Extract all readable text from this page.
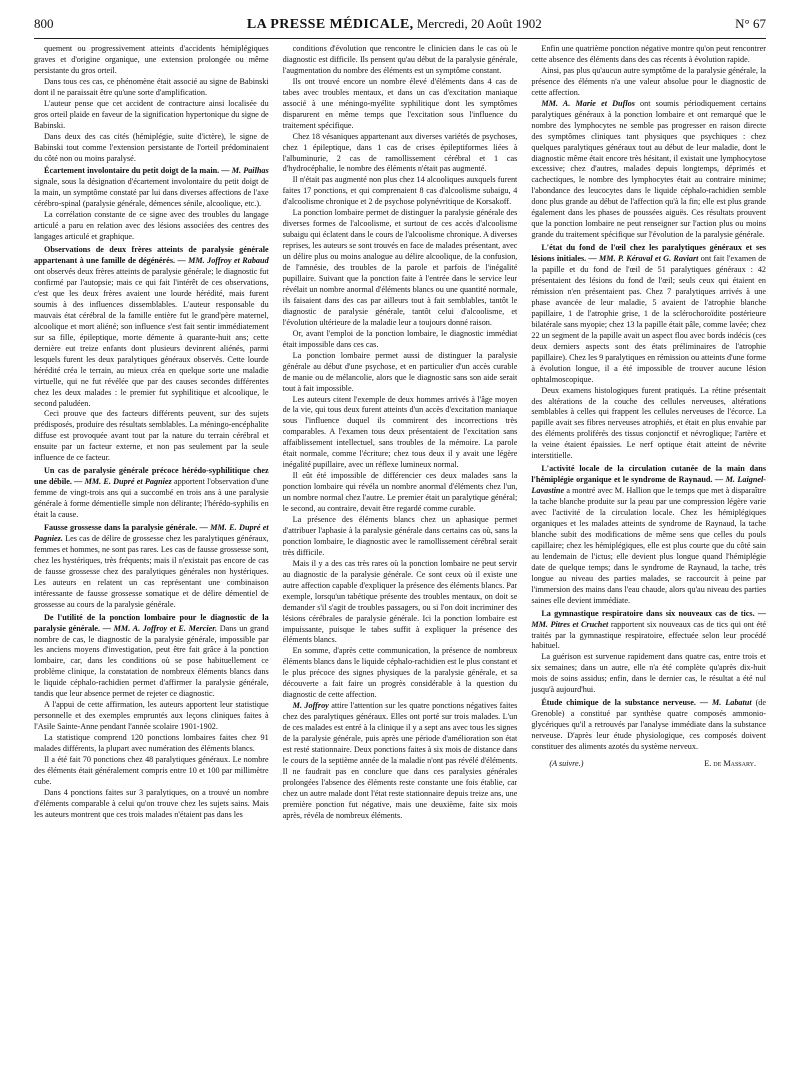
800	LA PRESSE MÉDICALE, Mercredi, 20 Août 1902	N° 67

quement ou progressivement atteints d'accidents hémiplégiques graves et d'origine organique, une extension prolongée ou même persistante du gros orteil.

Dans tous ces cas, ce phénomène était associé au signe de Babinski dont il ne paraissait être qu'une sorte d'amplification.

L'auteur pense que cet accident de contracture ainsi localisée du gros orteil plaide en faveur de la signification hypertonique du signe de Babinski.

Dans deux des cas cités (hémiplégie, suite d'ictère), le signe de Babinski tout comme l'extension persistante de l'orteil prédominaient du côté non ou moins paralysé.

Écartement involontaire du petit doigt de la main. — M. Pailhas signale, sous la désignation d'écartement involontaire du petit doigt de la main, un symptôme constaté par lui dans diverses affections de l'axe cérébro-spinal (paralysie générale, démences sénile, alcoolique, etc.).

La corrélation constante de ce signe avec des troubles du langage articulé a paru en relation avec des lésions associées des centres des langages articulé et graphique.

Observations de deux frères atteints de paralysie générale appartenant à une famille de dégénérés. — MM. Joffroy et Rabaud ont observés deux frères atteints de paralysie générale; le diagnostic fut confirmé par l'autopsie; mais ce qui fait l'intérêt de ces observations, c'est que les deux frères avaient une lourde hérédité, mais furent soumis à des influences dissemblables. L'auteur responsable du mauvais état cérébral de la famille entière fut le grand'père maternel, alcoolique et mort aliéné; son influence s'est fait sentir immédiatement sur sa fille, épileptique, morte démente à quarante-huit ans; cette dernière eut treize enfants dont plusieurs devinrent aliénés, parmi lesquels furent les deux paralytiques généraux observés. Cette lourde hérédité créa le terrain, au mieux créa en quelque sorte une maladie virtuelle, qui ne fut révélée que par des causes secondes différentes chez les deux malades : le premier fut syphilitique et alcoolique, le second paludéen.

Ceci prouve que des facteurs différents peuvent, sur des sujets prédisposés, produire des résultats semblables. La méningo-encéphalite diffuse est provoquée avant tout par la nature du terrain cérébral et ensuite par un facteur externe, et non pas seulement par la seule influence de ce facteur.

Un cas de paralysie générale précoce hérédo-syphilitique chez une débile. — MM. E. Dupré et Pagniez apportent l'observation d'une femme de vingt-trois ans qui a succombé en trois ans à une paralysie générale à forme démentielle simple non délirante; l'hérédo-syphilis en était la cause.

Fausse grossesse dans la paralysie générale. — MM. E. Dupré et Pagniez. Les cas de délire de grossesse chez les paralytiques généraux, femmes et hommes, ne sont pas rares. Les cas de fausse grossesse sont, chez les hystériques, très fréquents; mais il n'existait pas encore de cas de fausse grossesse chez des paralytiques générales non hystériques. Les auteurs en relatent un cas représentant une combinaison intéressante de fausse grossesse somatique et de délire démentiel de grossesse au cours de la paralysie générale.

De l'utilité de la ponction lombaire pour le diagnostic de la paralysie générale. — MM. A. Joffroy et E. Mercier. Dans un grand nombre de cas, le diagnostic de la paralysie générale, impossible par les anciens moyens d'investigation, peut être fait grâce à la ponction lombaire, car, dans les conditions où se pose habituellement ce problème clinique, la constatation de nombreux éléments blancs dans le liquide céphalo-rachidien permet d'affirmer la paralysie générale, tandis que leur absence permet de rejeter ce diagnostic.

A l'appui de cette affirmation, les auteurs apportent leur statistique personnelle et des exemples empruntés aux leçons cliniques faites à l'Asile Sainte-Anne pendant l'année scolaire 1901-1902.

La statistique comprend 120 ponctions lombaires faites chez 91 malades différents, la plupart avec numération des éléments blancs.

Il a été fait 70 ponctions chez 48 paralytiques généraux. Le nombre des éléments était généralement compris entre 10 et 100 par millimètre cube.

Dans 4 ponctions faites sur 3 paralytiques, on a trouvé un nombre d'éléments comparable à celui qu'on trouve chez les sujets sains. Mais les auteurs montrent que ces trois malades n'étaient pas dans les

conditions d'évolution que rencontre le clinicien dans le cas où le diagnostic est difficile. Ils pensent qu'au début de la paralysie générale, l'augmentation du nombre des éléments est un symptôme constant.

Ils ont trouvé encore un nombre élevé d'éléments dans 4 cas de tabes avec troubles mentaux, et dans un cas d'excitation maniaque associé à une méningo-myélite syphilitique dont les symptômes disparurent en même temps que l'excitation sous l'influence du traitement spécifique.

Chez 18 vésaniques appartenant aux diverses variétés de psychoses, chez 1 épileptique, dans 1 cas de crises épileptiformes liées à l'albuminurie, 2 cas de ramollissement cérébral et 1 cas d'hydrocéphalie, le nombre des éléments n'était pas augmenté.

Il n'était pas augmenté non plus chez 14 alcooliques auxquels furent faites 17 ponctions, et qui comprenaient 8 cas d'alcoolisme subaigu, 4 d'alcoolisme chronique et 2 de psychose polynévritique de Korsakoff.

La ponction lombaire permet de distinguer la paralysie générale des diverses formes de l'alcoolisme, et surtout de ces accès d'alcoolisme subaigu qui éclatent dans le cours de l'alcoolisme chronique. A diverses reprises, les auteurs se sont trouvés en face de malades présentant, avec un délire plus ou moins analogue au délire alcoolique, de la confusion, de l'amnésie, des troubles de la parole et parfois de l'inégalité pupillaire. Suivant que la ponction faite à l'entrée dans le service leur révélait un nombre anormal d'éléments blancs ou une quantité normale, ils faisaient dans des cas par ailleurs tout à fait semblables, tantôt le diagnostic de paralysie générale, tantôt celui d'alcoolisme, et l'évolution ultérieure de la maladie leur a toujours donné raison.

Or, avant l'emploi de la ponction lombaire, le diagnostic immédiat était impossible dans ces cas.

La ponction lombaire permet aussi de distinguer la paralysie générale au début d'une psychose, et en particulier d'un accès curable de manie ou de mélancolie, alors que le diagnostic sans son aide serait tout à fait impossible.

Les auteurs citent l'exemple de deux hommes arrivés à l'âge moyen de la vie, qui tous deux furent atteints d'un accès d'excitation maniaque sous l'influence duquel ils commirent des incorrections très comparables. A l'examen tous deux présentaient de l'excitation sans affaiblissement intellectuel, sans troubles de la mémoire. La parole était normale, comme l'écriture; chez tous deux il y avait une légère inégalité pupillaire, avec un réflexe lumineux normal.

Il eût été impossible de différencier ces deux malades sans la ponction lombaire qui révéla un nombre anormal d'éléments chez l'un, un nombre normal chez l'autre. Le premier était un paralytique général; le second, au contraire, devait être regardé comme curable.

La présence des éléments blancs chez un aphasique permet d'attribuer l'aphasie à la paralysie générale dans certains cas où, sans la ponction lombaire, le diagnostic avec le ramollissement cérébral serait très difficile.

Mais il y a des cas très rares où la ponction lombaire ne peut servir au diagnostic de la paralysie générale. Ce sont ceux où il existe une autre affection capable d'expliquer la présence des éléments blancs. Par exemple, lorsqu'un tabétique présente des troubles mentaux, on doit se demander s'il s'agit de troubles passagers, ou si l'on doit incriminer des lésions cérébrales de paralysie générale. Ici la ponction lombaire est impuissante, puisque le tabes suffit à expliquer la présence des éléments blancs.

En somme, d'après cette communication, la présence de nombreux éléments blancs dans le liquide céphalo-rachidien est le plus constant et le plus précoce des signes physiques de la paralysie générale, et sa découverte a fait faire un progrès considérable à la question du diagnostic de cette affection.

M. Joffroy attire l'attention sur les quatre ponctions négatives faites chez des paralytiques généraux. Elles ont porté sur trois malades. L'un de ces malades est entré à la clinique il y a sept ans avec tous les signes de la paralysie générale, puis après une période d'amélioration son état est resté stationnaire. Deux ponctions faites à six mois de distance dans le cours de la septième année de la maladie n'ont pas révélé d'éléments. Il ne faudrait pas en conclure que dans ces paralysies générales prolongées l'absence des éléments reste constante une fois établie, car chez un autre malade dont l'état reste stationnaire depuis treize ans, une première ponction fut négative, mais une deuxième, faite six mois après, révéla de nombreux éléments.

Enfin une quatrième ponction négative montre qu'on peut rencontrer cette absence des éléments dans des cas récents à évolution rapide.

Ainsi, pas plus qu'aucun autre symptôme de la paralysie générale, la présence des éléments n'a une valeur absolue pour le diagnostic de cette affection.

MM. A. Marie et Duflos ont soumis périodiquement certains paralytiques généraux à la ponction lombaire et ont remarqué que le nombre des lymphocytes ne semble pas progresser en raison directe des symptômes cliniques tant physiques que psychiques : chez quelques paralytiques généraux tout au début de leur maladie, dont le diagnostic même était encore très hésitant, il existait une lymphocytose excessive; chez d'autres, malades depuis longtemps, déprimés et cachectiques, le nombre des lymphocytes était au contraire minime; l'abondance des leucocytes dans le liquide céphalo-rachidien semble donc plus grande au début de l'affection qu'à la fin; elle est plus grande également dans les phases de poussées aiguës. Ces résultats prouvent que la ponction lombaire ne peut renseigner sur l'action plus ou moins grande du traitement spécifique sur l'évolution de la paralysie générale.

L'état du fond de l'œil chez les paralytiques généraux et ses lésions initiales. — MM. P. Kéraval et G. Raviart ont fait l'examen de la papille et du fond de l'œil de 51 paralytiques généraux : 42 présentaient des lésions du fond de l'œil; seuls ceux qui étaient en rémission n'en présentaient pas. Chez 7 paralytiques arrivés à une phase avancée de leur maladie, 5 avaient de l'atrophie blanche papillaire, 1 de l'atrophie grise, 1 de la sclérochoroïdite postérieure bilatérale sans myopie; chez 13 la papille était pâle, comme lavée; chez 22 un segment de la papille avait un aspect flou avec bords indécis (ces deux derniers aspects sont des états préliminaires de l'atrophie papillaire). Chez les 9 paralytiques en rémission ou atteints d'une forme à évolution longue, il a été impossible de trouver aucune lésion ophtalmoscopique.

Deux examens histologiques furent pratiqués. La rétine présentait des altérations de la couche des cellules nerveuses, altérations semblables à celles qui frappent les cellules nerveuses de l'écorce. La papille avait ses fibres nerveuses atrophiés, et était en plus envahie par des éléments proliférés des tissus conjonctif et névroglique; l'artère et la veine étaient épaissies. Le nerf optique était atteint de névrite interstitielle.

L'activité locale de la circulation cutanée de la main dans l'hémiplégie organique et le syndrome de Raynaud. — M. Laignel-Lavastine a montré avec M. Hallion que le temps que met à disparaître la tache blanche produite sur la peau par une compression légère varie avec l'activité de la circulation locale. Chez les hémiplégiques organiques et les malades atteints de syndrome de Raynaud, la tache blanche subit des modifications de même sens que celles du pouls capillaire; chez les hémiplégiques, elle est plus courte que du côté sain au lendemain de l'ictus; elle devient plus longue quand l'hémiplégie date de quelque temps; dans le syndrome de Raynaud, la tache, très longue au niveau des parties malades, se raccourcit à peine par l'immersion des mains dans l'eau chaude, alors qu'au niveau des parties saines elle devient immédiate.

La gymnastique respiratoire dans six nouveaux cas de tics. — MM. Pitres et Cruchet rapportent six nouveaux cas de tics qui ont été traités par la gymnastique respiratoire, effectuée selon leur procédé habituel.

La guérison est survenue rapidement dans quatre cas, entre trois et six semaines; dans un autre, elle n'a été complète qu'après dix-huit mois de soins assidus; enfin, dans le dernier cas, le résultat a été nul jusqu'à aujourd'hui.

Étude chimique de la substance nerveuse. — M. Labatut (de Grenoble) a constitué par synthèse quatre composés ammonio-glycériques qu'il a retrouvés par l'analyse immédiate dans la substance nerveuse. D'après leur étude physiologique, ces composés doivent constituer des aliments azotés du système nerveux.

(A suivre.)	E. de Massary.
